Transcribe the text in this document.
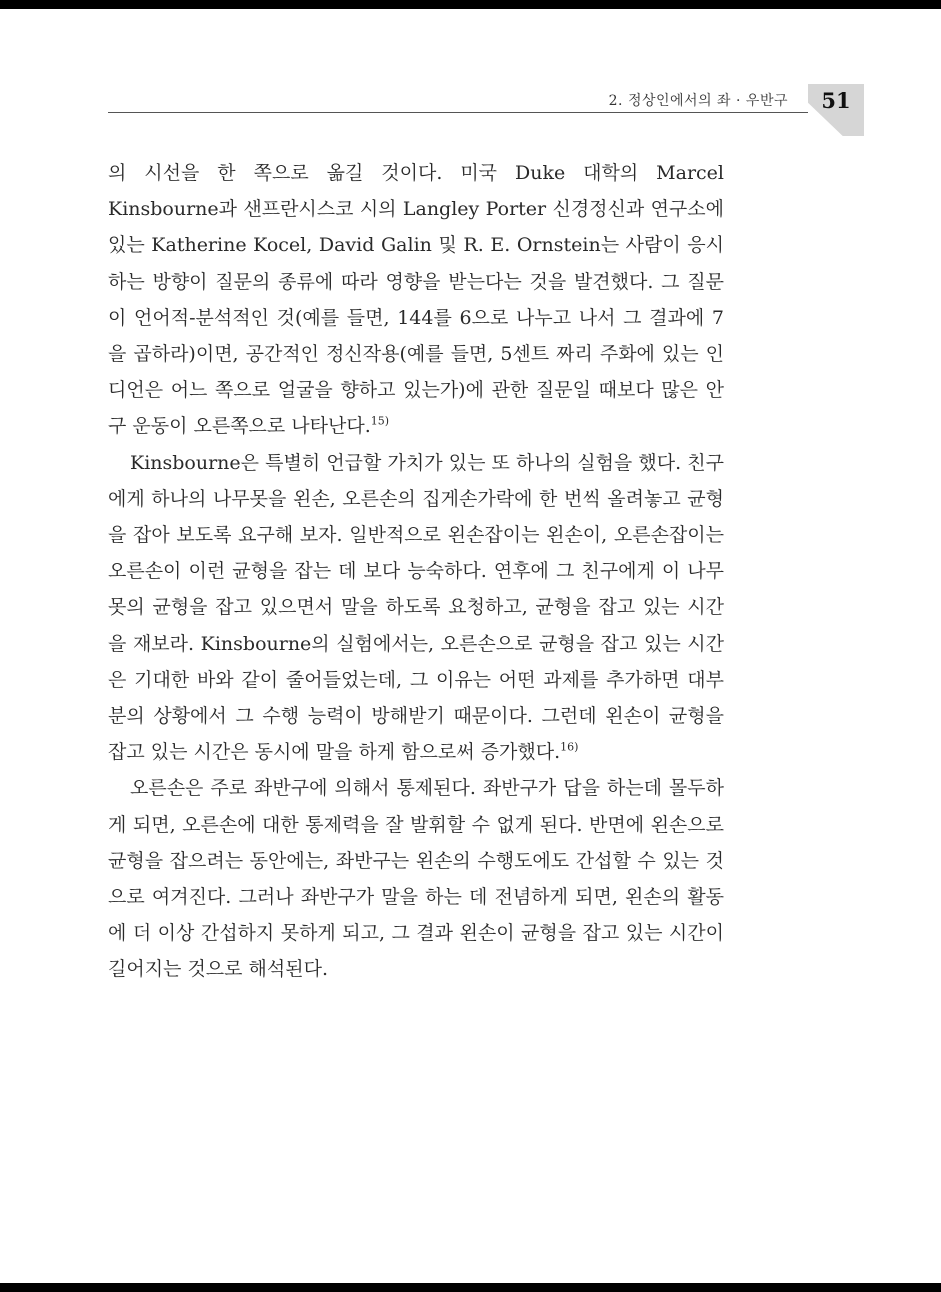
2. 정상인에서의 좌 · 우반구	51

의 시선을 한 쪽으로 옮길 것이다. 미국 Duke 대학의 Marcel Kinsbourne과 샌프란시스코 시의 Langley Porter 신경정신과 연구소에 있는 Katherine Kocel, David Galin 및 R. E. Ornstein는 사람이 응시하는 방향이 질문의 종류에 따라 영향을 받는다는 것을 발견했다. 그 질문이 언어적-분석적인 것(예를 들면, 144를 6으로 나누고 나서 그 결과에 7을 곱하라)이면, 공간적인 정신작용(예를 들면, 5센트 짜리 주화에 있는 인디언은 어느 쪽으로 얼굴을 향하고 있는가)에 관한 질문일 때보다 많은 안구 운동이 오른쪽으로 나타난다.$^{15)}$

Kinsbourne은 특별히 언급할 가치가 있는 또 하나의 실험을 했다. 친구에게 하나의 나무못을 왼손, 오른손의 집게손가락에 한 번씩 올려놓고 균형을 잡아 보도록 요구해 보자. 일반적으로 왼손잡이는 왼손이, 오른손잡이는 오른손이 이런 균형을 잡는 데 보다 능숙하다. 연후에 그 친구에게 이 나무못의 균형을 잡고 있으면서 말을 하도록 요청하고, 균형을 잡고 있는 시간을 재보라. Kinsbourne의 실험에서는, 오른손으로 균형을 잡고 있는 시간은 기대한 바와 같이 줄어들었는데, 그 이유는 어떤 과제를 추가하면 대부분의 상황에서 그 수행 능력이 방해받기 때문이다. 그런데 왼손이 균형을 잡고 있는 시간은 동시에 말을 하게 함으로써 증가했다.$^{16)}$

오른손은 주로 좌반구에 의해서 통제된다. 좌반구가 답을 하는데 몰두하게 되면, 오른손에 대한 통제력을 잘 발휘할 수 없게 된다. 반면에 왼손으로 균형을 잡으려는 동안에는, 좌반구는 왼손의 수행도에도 간섭할 수 있는 것으로 여겨진다. 그러나 좌반구가 말을 하는 데 전념하게 되면, 왼손의 활동에 더 이상 간섭하지 못하게 되고, 그 결과 왼손이 균형을 잡고 있는 시간이 길어지는 것으로 해석된다.
